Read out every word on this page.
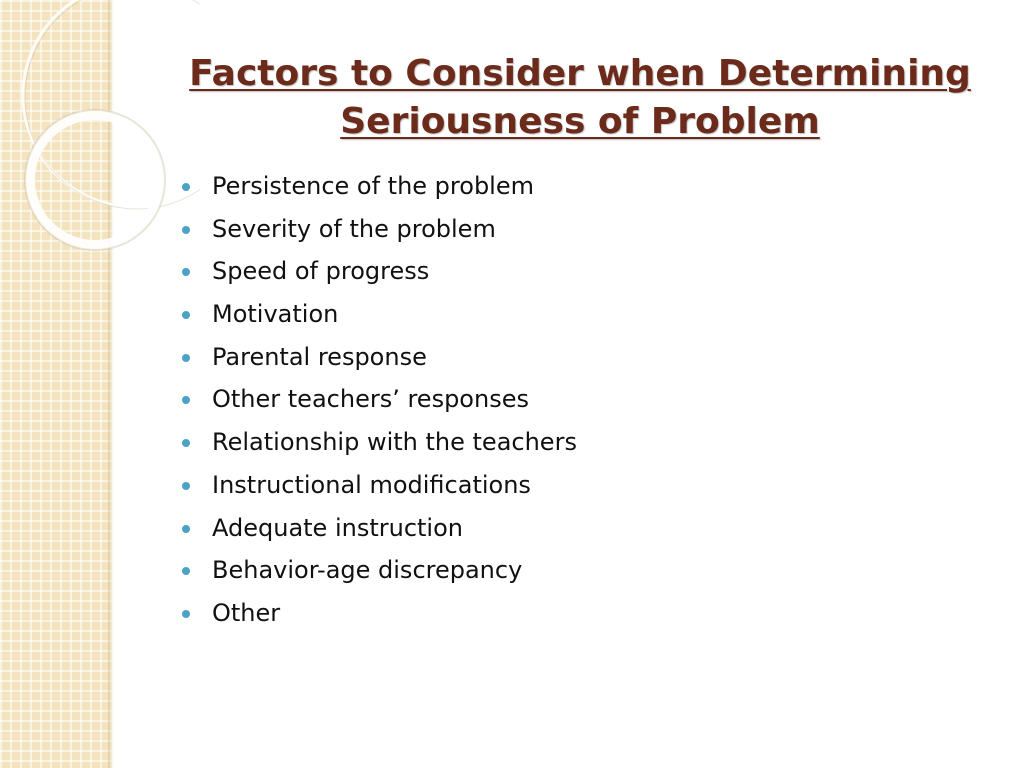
Factors to Consider when Determining
Seriousness of Problem
Persistence of the problem
Severity of the problem
Speed of progress
Motivation
Parental response
Other teachers’ responses
Relationship with the teachers
Instructional modifications
Adequate instruction
Behavior-age discrepancy
Other
